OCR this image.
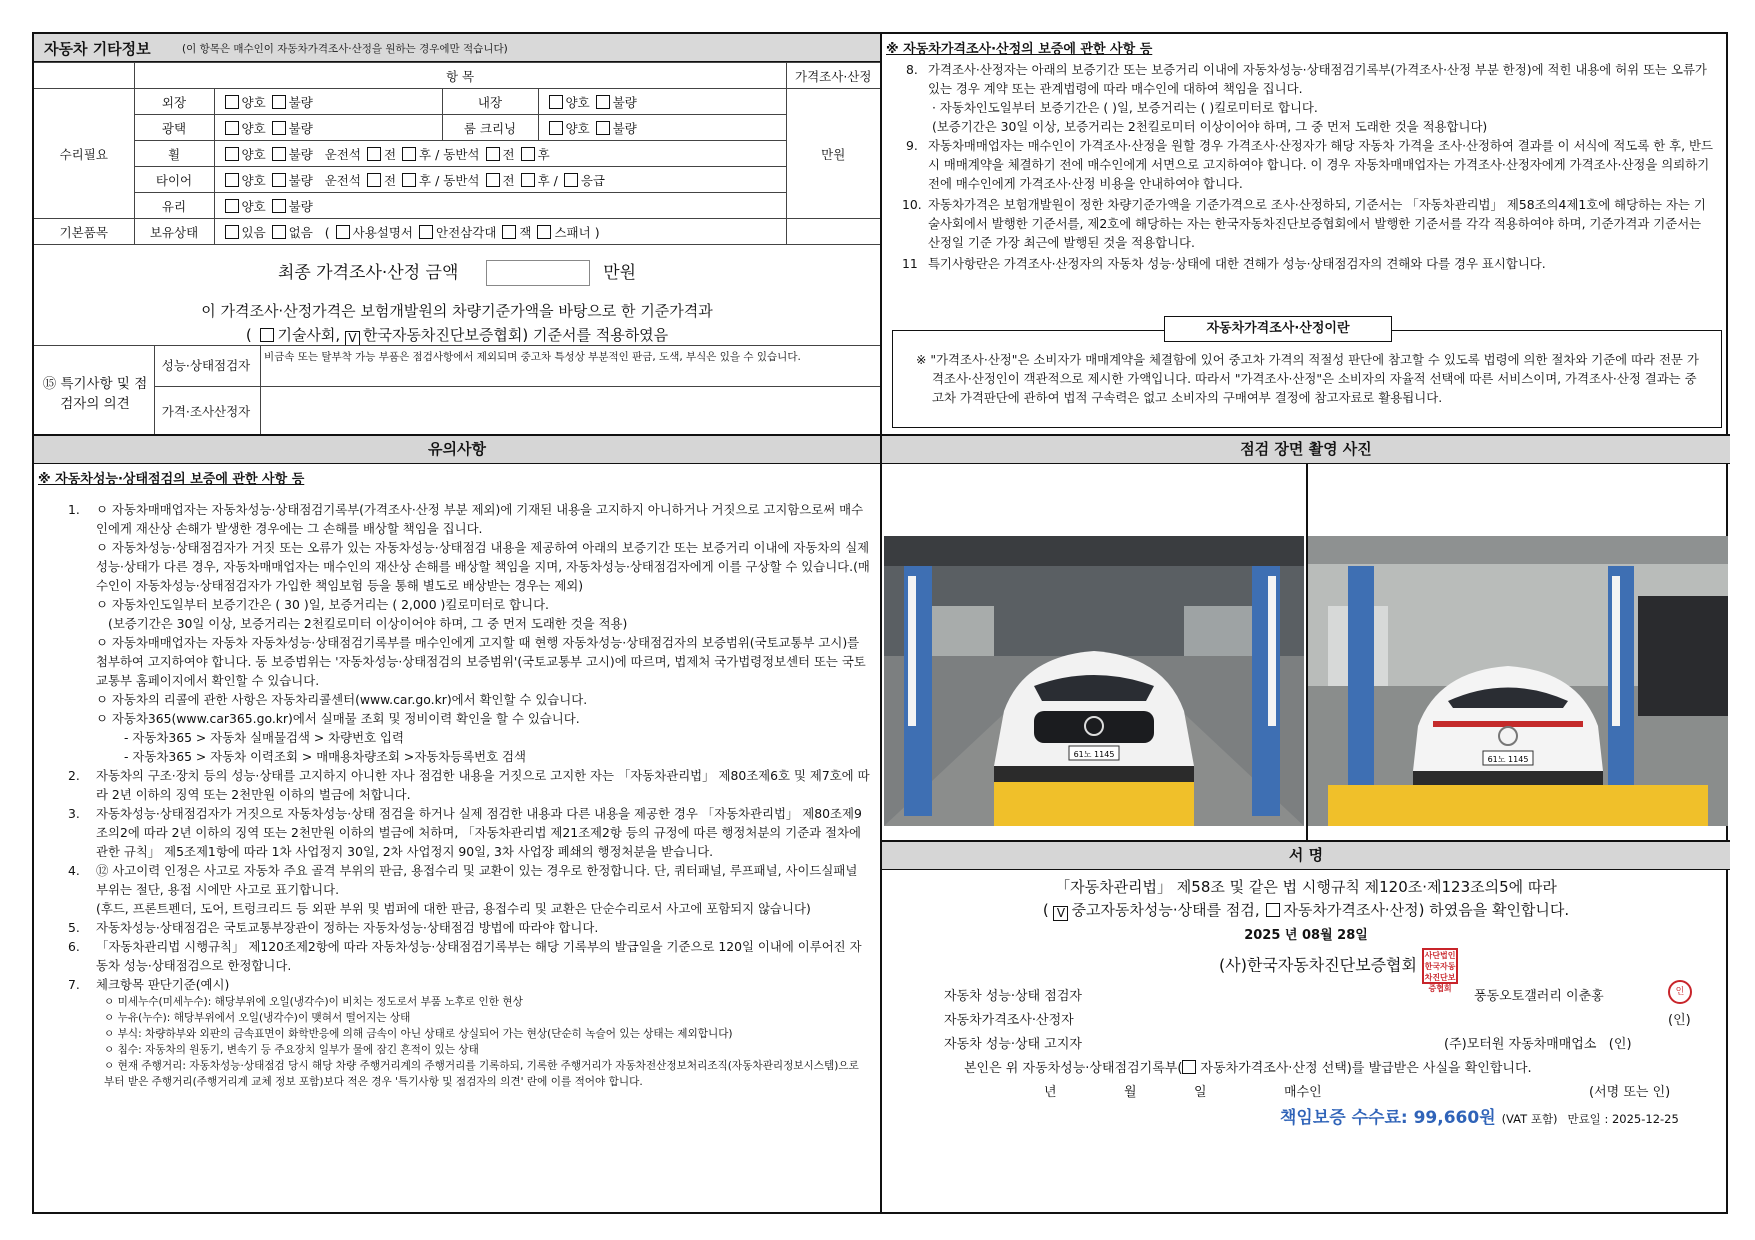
자동차 기타정보	(이 항목은 매수인이 자동차가격조사·산정을 원하는 경우에만 적습니다)
	항 목				가격조사·산정
수리필요	외장	양호 불량	내장	양호 불량	만원
	광택	양호 불량	룸 크리닝	양호 불량	
	휠	양호 불량 운전석 전 후 / 동반석 전 후			
	타이어	양호 불량 운전석 전 후 / 동반석 전 후 / 응급			
	유리	양호 불량			
기본품목	보유상태	있음 없음 ( 사용설명서 안전삼각대 잭 스패너 )			
최종 가격조사·산정 금액	만원
이 가격조사·산정가격은 보험개발원의 차량기준가액을 바탕으로 한 기준가격과
( 기술사회, V 한국자동차진단보증협회) 기준서를 적용하였음
⑮ 특기사항 및 점검자의 의견
성능·상태점검자
비금속 또는 탈부착 가능 부품은 점검사항에서 제외되며 중고차 특성상 부분적인 판금, 도색, 부식은 있을 수 있습니다.
가격·조사산정자
※ 자동차가격조사·산정의 보증에 관한 사항 등
8. 가격조사·산정자는 아래의 보증기간 또는 보증거리 이내에 자동차성능·상태점검기록부(가격조사·산정 부분 한정)에 적힌 내용에 허위 또는 오류가 있는 경우 계약 또는 관계법령에 따라 매수인에 대하여 책임을 집니다.
· 자동차인도일부터 보증기간은 ( )일, 보증거리는 ( )킬로미터로 합니다.
(보증기간은 30일 이상, 보증거리는 2천킬로미터 이상이어야 하며, 그 중 먼저 도래한 것을 적용합니다)
9. 자동차매매업자는 매수인이 가격조사·산정을 원할 경우 가격조사·산정자가 해당 자동차 가격을 조사·산정하여 결과를 이 서식에 적도록 한 후, 반드시 매매계약을 체결하기 전에 매수인에게 서면으로 고지하여야 합니다. 이 경우 자동차매매업자는 가격조사·산정자에게 가격조사·산정을 의뢰하기 전에 매수인에게 가격조사·산정 비용을 안내하여야 합니다.
10. 자동차가격은 보험개발원이 정한 차량기준가액을 기준가격으로 조사·산정하되, 기준서는 「자동차관리법」 제58조의4제1호에 해당하는 자는 기술사회에서 발행한 기준서를, 제2호에 해당하는 자는 한국자동차진단보증협회에서 발행한 기준서를 각각 적용하여야 하며, 기준가격과 기준서는 산정일 기준 가장 최근에 발행된 것을 적용합니다.
11 특기사항란은 가격조사·산정자의 자동차 성능·상태에 대한 견해가 성능·상태점검자의 견해와 다를 경우 표시합니다.
자동차가격조사·산정이란
※ "가격조사·산정"은 소비자가 매매계약을 체결함에 있어 중고차 가격의 적절성 판단에 참고할 수 있도록 법령에 의한 절차와 기준에 따라 전문 가격조사·산정인이 객관적으로 제시한 가액입니다. 따라서 "가격조사·산정"은 소비자의 자율적 선택에 따른 서비스이며, 가격조사·산정 결과는 중고차 가격판단에 관하여 법적 구속력은 없고 소비자의 구매여부 결정에 참고자료로 활용됩니다.
유의사항	점검 장면 촬영 사진
※ 자동차성능·상태점검의 보증에 관한 사항 등
1. ㅇ 자동차매매업자는 자동차성능·상태점검기록부(가격조사·산정 부분 제외)에 기재된 내용을 고지하지 아니하거나 거짓으로 고지함으로써 매수인에게 재산상 손해가 발생한 경우에는 그 손해를 배상할 책임을 집니다.
ㅇ 자동차성능·상태점검자가 거짓 또는 오류가 있는 자동차성능·상태점검 내용을 제공하여 아래의 보증기간 또는 보증거리 이내에 자동차의 실제 성능·상태가 다른 경우, 자동차매매업자는 매수인의 재산상 손해를 배상할 책임을 지며, 자동차성능·상태점검자에게 이를 구상할 수 있습니다.(매수인이 자동차성능·상태점검자가 가입한 책임보험 등을 통해 별도로 배상받는 경우는 제외)
ㅇ 자동차인도일부터 보증기간은 ( 30 )일, 보증거리는 ( 2,000 )킬로미터로 합니다.
(보증기간은 30일 이상, 보증거리는 2천킬로미터 이상이어야 하며, 그 중 먼저 도래한 것을 적용)
ㅇ 자동차매매업자는 자동차 자동차성능·상태점검기록부를 매수인에게 고지할 때 현행 자동차성능·상태점검자의 보증범위(국토교통부 고시)를 첨부하여 고지하여야 합니다. 동 보증범위는 '자동차성능·상태점검의 보증범위'(국토교통부 고시)에 따르며, 법제처 국가법령정보센터 또는 국토교통부 홈페이지에서 확인할 수 있습니다.
ㅇ 자동차의 리콜에 관한 사항은 자동차리콜센터(www.car.go.kr)에서 확인할 수 있습니다.
ㅇ 자동차365(www.car365.go.kr)에서 실매물 조회 및 정비이력 확인을 할 수 있습니다.
- 자동차365 > 자동차 실매물검색 > 차량번호 입력
- 자동차365 > 자동차 이력조회 > 매매용차량조회 >자동차등록번호 검색
2. 자동차의 구조·장치 등의 성능·상태를 고지하지 아니한 자나 점검한 내용을 거짓으로 고지한 자는 「자동차관리법」 제80조제6호 및 제7호에 따라 2년 이하의 징역 또는 2천만원 이하의 벌금에 처합니다.
3. 자동차성능·상태점검자가 거짓으로 자동차성능·상태 점검을 하거나 실제 점검한 내용과 다른 내용을 제공한 경우 「자동차관리법」 제80조제9조의2에 따라 2년 이하의 징역 또는 2천만원 이하의 벌금에 처하며, 「자동차관리법 제21조제2항 등의 규정에 따른 행정처분의 기준과 절차에 관한 규칙」 제5조제1항에 따라 1차 사업정지 30일, 2차 사업정지 90일, 3차 사업장 폐쇄의 행정처분을 받습니다.
4. ⑫ 사고이력 인정은 사고로 자동차 주요 골격 부위의 판금, 용접수리 및 교환이 있는 경우로 한정합니다. 단, 쿼터패널, 루프패널, 사이드실패널 부위는 절단, 용접 시에만 사고로 표기합니다.
(후드, 프론트펜더, 도어, 트렁크리드 등 외판 부위 및 범퍼에 대한 판금, 용접수리 및 교환은 단순수리로서 사고에 포함되지 않습니다)
5. 자동차성능·상태점검은 국토교통부장관이 정하는 자동차성능·상태점검 방법에 따라야 합니다.
6. 「자동차관리법 시행규칙」 제120조제2항에 따라 자동차성능·상태점검기록부는 해당 기록부의 발급일을 기준으로 120일 이내에 이루어진 자동차 성능·상태점검으로 한정합니다.
7. 체크항목 판단기준(예시)
ㅇ 미세누수(미세누수): 해당부위에 오일(냉각수)이 비치는 정도로서 부품 노후로 인한 현상
ㅇ 누유(누수): 해당부위에서 오일(냉각수)이 맺혀서 떨어지는 상태
ㅇ 부식: 차량하부와 외판의 금속표면이 화학반응에 의해 금속이 아닌 상태로 상실되어 가는 현상(단순히 녹슬어 있는 상태는 제외합니다)
ㅇ 침수: 자동차의 원동기, 변속기 등 주요장치 일부가 물에 잠긴 흔적이 있는 상태
ㅇ 현재 주행거리: 자동차성능·상태점검 당시 해당 차량 주행거리계의 주행거리를 기록하되, 기록한 주행거리가 자동차전산정보처리조직(자동차관리정보시스템)으로부터 받은 주행거리(주행거리계 교체 정보 포함)보다 적은 경우 '특기사항 및 점검자의 의견' 란에 이를 적어야 합니다.
61노 1145
61노 1145
서 명
「자동차관리법」 제58조 및 같은 법 시행규칙 제120조·제123조의5에 따라
( V 중고자동차성능·상태를 점검, 자동차가격조사·산정) 하였음을 확인합니다.
2025 년 08월 28일
(사)한국자동차진단보증협회 사단법인한국자동차진단보증협회
자동차 성능·상태 점검자	풍동오토갤러리 이춘홍	인
자동차가격조사·산정자	(인)
자동차 성능·상태 고지자	(주)모터원 자동차매매업소   (인)
본인은 위 자동차성능·상태점검기록부( 자동차가격조사·산정 선택)를 발급받은 사실을 확인합니다.
년	월	일	매수인	(서명 또는 인)
책임보증 수수료: 99,660원 (VAT 포함) 만료일 : 2025-12-25
